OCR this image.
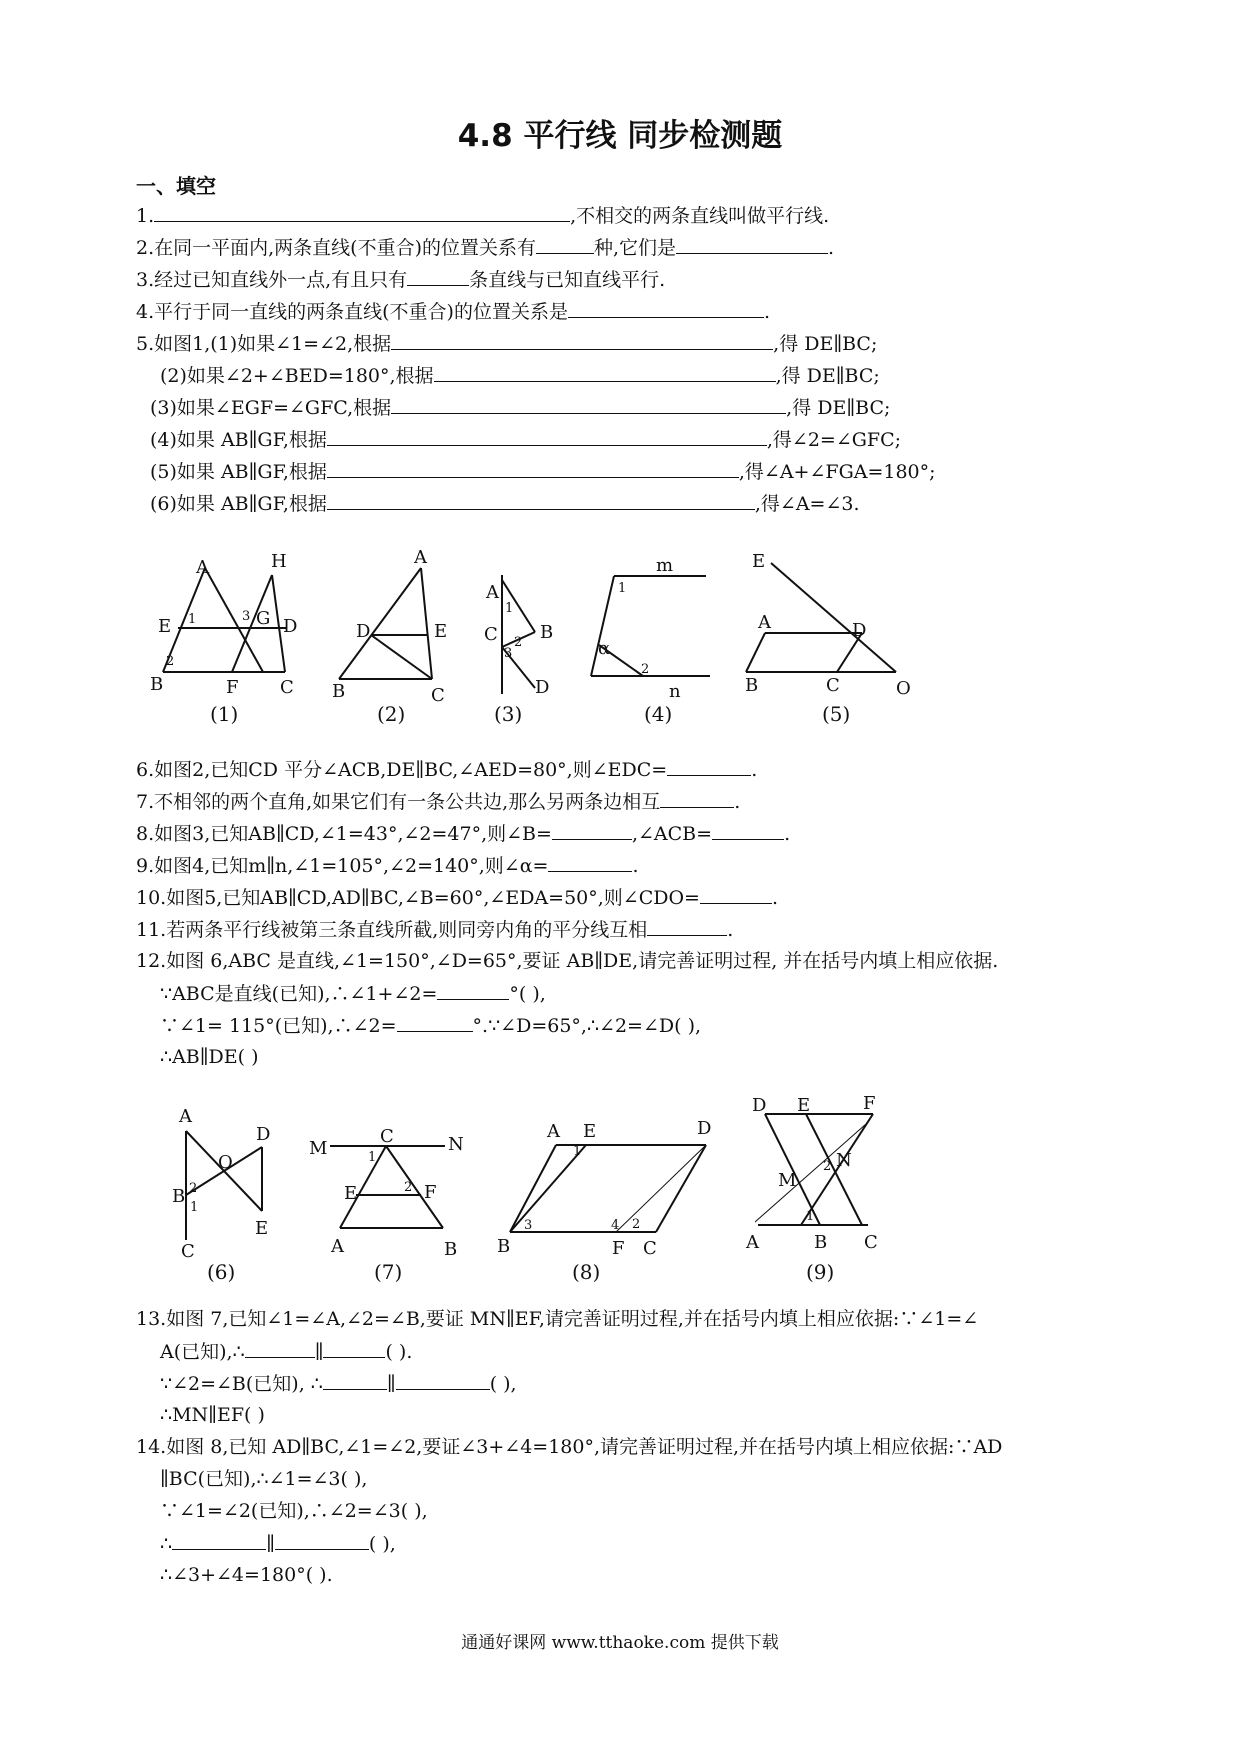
4.8 平行线 同步检测题
一、填空
1.	,不相交的两条直线叫做平行线.
2.在同一平面内,两条直线(不重合)的位置关系有	种,它们是	.
3.经过已知直线外一点,有且只有	条直线与已知直线平行.
4.平行于同一直线的两条直线(不重合)的位置关系是	.
5.如图1,(1)如果∠1=∠2,根据	,得 DE∥BC;
(2)如果∠2+∠BED=180°,根据	,得 DE∥BC;
(3)如果∠EGF=∠GFC,根据	,得 DE∥BC;
(4)如果 AB∥GF,根据	,得∠2=∠GFC;
(5)如果 AB∥GF,根据	,得∠A+∠FGA=180°;
(6)如果 AB∥GF,根据	,得∠A=∠3.
A	H
E	G D
B	F C
1
2
3
(1)
A
D	E
B	C
(2)
A
B
C
D
1
2
3
(3)
m
n
1
2
α
(4)
E
A	D
B	C	O
(5)
6.如图2,已知CD 平分∠ACB,DE∥BC,∠AED=80°,则∠EDC=	.
7.不相邻的两个直角,如果它们有一条公共边,那么另两条边相互	.
8.如图3,已知AB∥CD,∠1=43°,∠2=47°,则∠B=	,∠ACB=	.
9.如图4,已知m∥n,∠1=105°,∠2=140°,则∠α=	.
10.如图5,已知AB∥CD,AD∥BC,∠B=60°,∠EDA=50°,则∠CDO=	.
11.若两条平行线被第三条直线所截,则同旁内角的平分线互相	.
12.如图 6,ABC 是直线,∠1=150°,∠D=65°,要证 AB∥DE,请完善证明过程, 并在括号内填上相应依据.
∵ABC是直线(已知),∴∠1+∠2=	°( ),
∵∠1= 115°(已知),∴∠2=	°.∵∠D=65°,∴∠2=∠D( ),
∴AB∥DE( )
A
D
O
B
C
E
2
1
(6)
M
C	N
E	F
A	B
1
2
(7)
A E	D
B	F C
1
2
3	4
(8)
D E	F
M
N
A	B C
1
2
(9)
13.如图 7,已知∠1=∠A,∠2=∠B,要证 MN∥EF,请完善证明过程,并在括号内填上相应依据:∵∠1=∠
A(已知),∴	∥	( ).
∵∠2=∠B(已知), ∴	∥	( ),
∴MN∥EF( )
14.如图 8,已知 AD∥BC,∠1=∠2,要证∠3+∠4=180°,请完善证明过程,并在括号内填上相应依据:∵AD
∥BC(已知),∴∠1=∠3( ),
∵∠1=∠2(已知),∴∠2=∠3( ),
∴	∥	( ),
∴∠3+∠4=180°( ).
通通好课网 www.tthaoke.com 提供下载
